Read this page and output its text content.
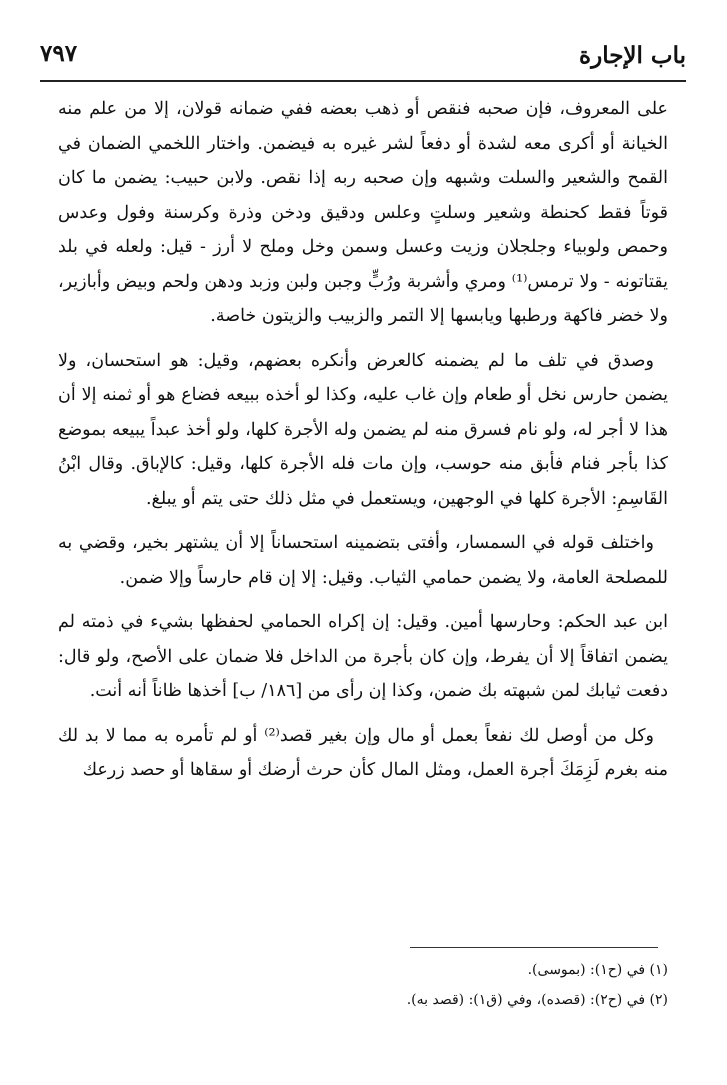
باب الإجارة
٧٩٧

على المعروف، فإن صحبه فنقص أو ذهب بعضه ففي ضمانه قولان، إلا من علم منه الخيانة أو أكرى معه لشدة أو دفعاً لشر غيره به فيضمن. واختار اللخمي الضمان في القمح والشعير والسلت وشبهه وإن صحبه ربه إذا نقص. ولابن حبيب: يضمن ما كان قوتاً فقط كحنطة وشعير وسلتٍ وعلس ودقيق ودخن وذرة وكرسنة وفول وعدس وحمص ولوبياء وجلجلان وزيت وعسل وسمن وخل وملح لا أرز - قيل: ولعله في بلد يقتاتونه - ولا ترمس⁽¹⁾ ومري وأشربة ورُبٍّ وجبن ولبن وزبد ودهن ولحم وبيض وأبازير، ولا خضر فاكهة ورطبها ويابسها إلا التمر والزبيب والزيتون خاصة.

وصدق في تلف ما لم يضمنه كالعرض وأنكره بعضهم، وقيل: هو استحسان، ولا يضمن حارس نخل أو طعام وإن غاب عليه، وكذا لو أخذه ببيعه فضاع هو أو ثمنه إلا أن هذا لا أجر له، ولو نام فسرق منه لم يضمن وله الأجرة كلها، ولو أخذ عبداً يبيعه بموضع كذا بأجر فنام فأبق منه حوسب، وإن مات فله الأجرة كلها، وقيل: كالإباق. وقال ابْنُ القَاسِمِ: الأجرة كلها في الوجهين، ويستعمل في مثل ذلك حتى يتم أو يبلغ.

واختلف قوله في السمسار، وأفتى بتضمينه استحساناً إلا أن يشتهر بخير، وقضي به للمصلحة العامة، ولا يضمن حمامي الثياب. وقيل: إلا إن قام حارساً وإلا ضمن.

ابن عبد الحكم: وحارسها أمين. وقيل: إن إكراه الحمامي لحفظها بشيء في ذمته لم يضمن اتفاقاً إلا أن يفرط، وإن كان بأجرة من الداخل فلا ضمان على الأصح، ولو قال: دفعت ثيابك لمن شبهته بك ضمن، وكذا إن رأى من [١٨٦/ ب] أخذها ظاناً أنه أنت.

وكل من أوصل لك نفعاً بعمل أو مال وإن بغير قصد⁽²⁾ أو لم تأمره به مما لا بد لك منه بغرم لَزِمَكَ أجرة العمل، ومثل المال كأن حرث أرضك أو سقاها أو حصد زرعك

(١) في (ح١): (بموسى).
(٢) في (ح٢): (قصده)، وفي (ق١): (قصد به).
